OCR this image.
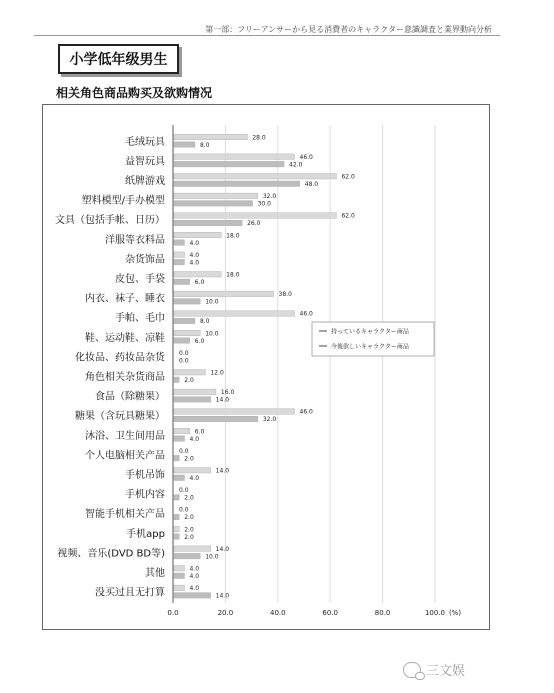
第一部：フリーアンサーから見る消費者のキャラクター意識調査と業界動向分析
小学低年级男生
相关角色商品购买及欲购情况
0.0	20.0	40.0	60.0	80.0	100.0 (%)
毛绒玩具	28.0
8.0
益智玩具	46.0
42.0
纸牌游戏	62.0
48.0
塑料模型/手办模型	32.0
30.0
文具（包括手帐、日历）	62.0
26.0
洋服等衣料品	18.0
4.0
杂货饰品	4.0
4.0
皮包、手袋	18.0
6.0
内衣、袜子、睡衣	38.0
10.0
手帕、毛巾	46.0
8.0
鞋、运动鞋、凉鞋	10.0
6.0
化妆品、药妆品杂货 0.0
0.0
角色相关杂货商品	12.0
2.0
食品（除糖果）	16.0
14.0
糖果（含玩具糖果）	46.0
32.0
沐浴、卫生间用品	6.0
4.0
个人电脑相关产品 0.0
2.0
手机吊饰	14.0
4.0
手机内容 0.0
2.0
智能手机相关产品 0.0
2.0
手机app	2.0
2.0
视频、音乐(DVD BD等)	14.0
10.0
其他	4.0
4.0
没买过且无打算	4.0
14.0
持っているキャラクター商品
今後欲しいキャラクター商品
三文娱
